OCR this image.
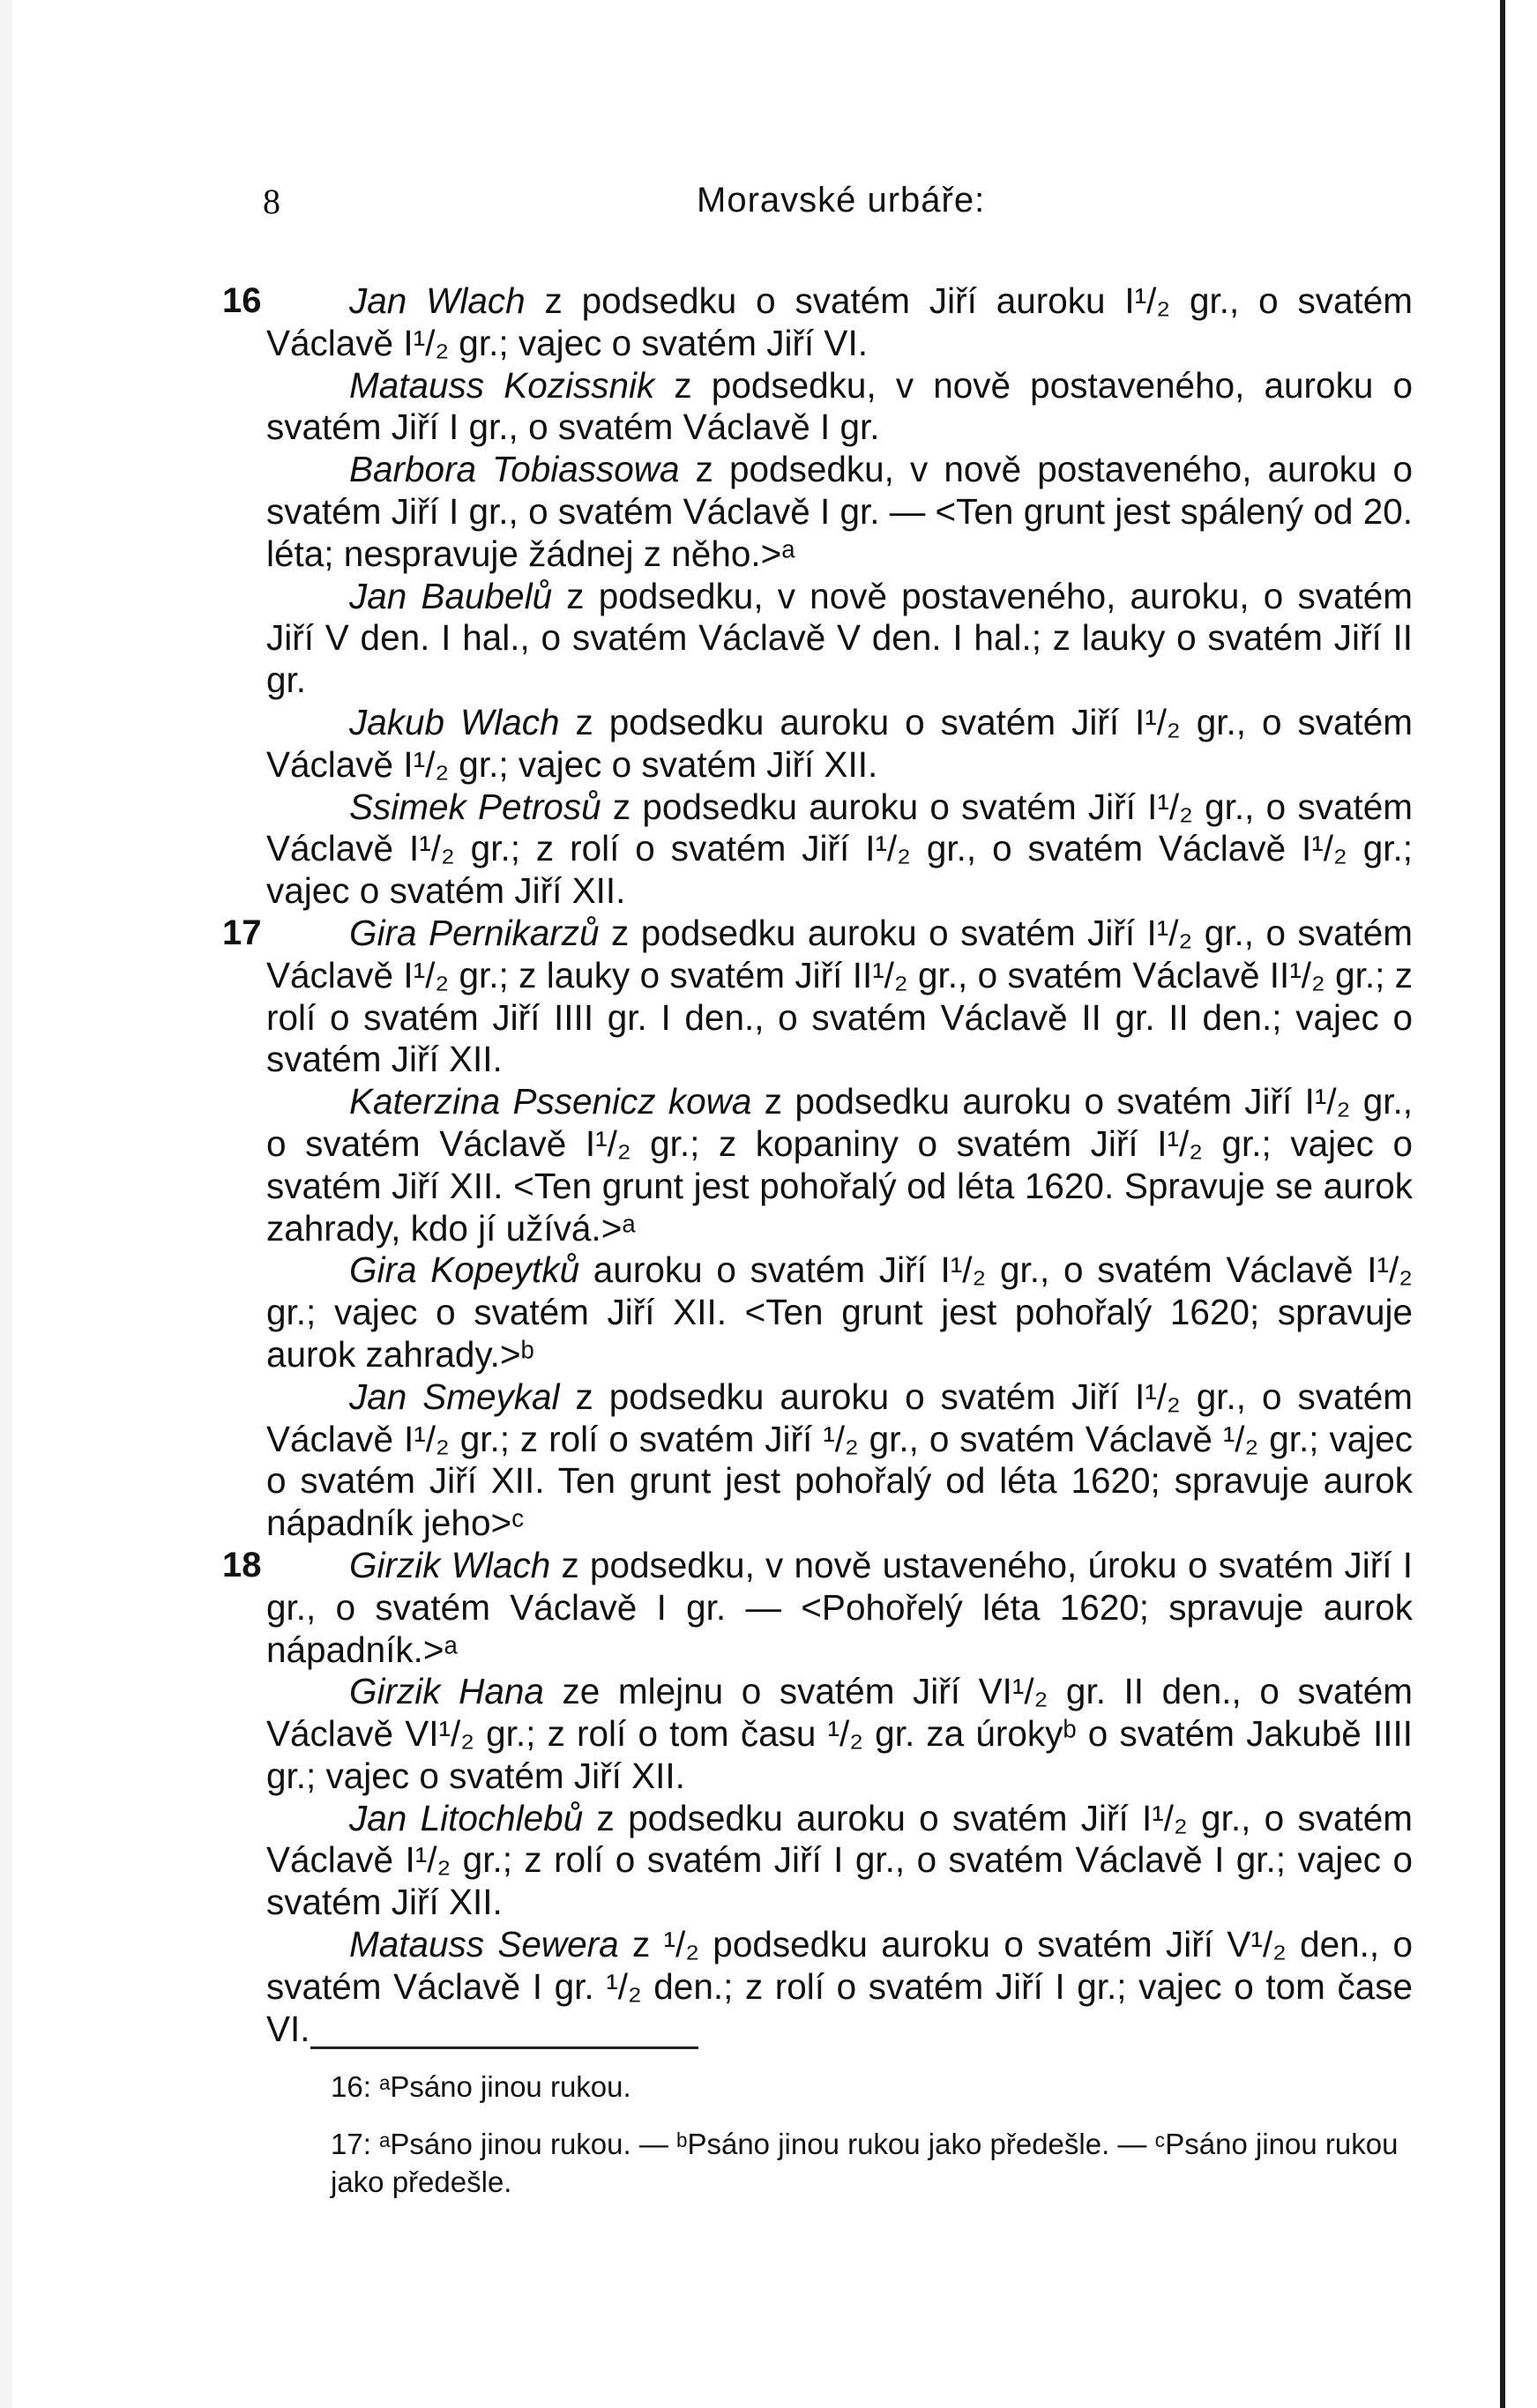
8	Moravské urbáře:

16 Jan Wlach z podsedku o svatém Jiří auroku I¹/₂ gr., o svatém Václavě I¹/₂ gr.; vajec o svatém Jiří VI.

Matauss Kozissnik z podsedku, v nově postaveného, auroku o svatém Jiří I gr., o svatém Václavě I gr.

Barbora Tobiassowa z podsedku, v nově postaveného, auroku o svatém Jiří I gr., o svatém Václavě I gr. — <Ten grunt jest spálený od 20. léta; nespravuje žádnej z něho.>ᵃ

Jan Baubelů z podsedku, v nově postaveného, auroku, o svatém Jiří V den. I hal., o svatém Václavě V den. I hal.; z lauky o svatém Jiří II gr.

Jakub Wlach z podsedku auroku o svatém Jiří I¹/₂ gr., o svatém Václavě I¹/₂ gr.; vajec o svatém Jiří XII.

Ssimek Petrosů z podsedku auroku o svatém Jiří I¹/₂ gr., o svatém Václavě I¹/₂ gr.; z rolí o svatém Jiří I¹/₂ gr., o svatém Václavě I¹/₂ gr.; vajec o svatém Jiří XII.

17 Gira Pernikarzů z podsedku auroku o svatém Jiří I¹/₂ gr., o svatém Václavě I¹/₂ gr.; z lauky o svatém Jiří II¹/₂ gr., o svatém Václavě II¹/₂ gr.; z rolí o svatém Jiří IIII gr. I den., o svatém Václavě II gr. II den.; vajec o svatém Jiří XII.

Katerzina Pssenicz kowa z podsedku auroku o svatém Jiří I¹/₂ gr., o svatém Václavě I¹/₂ gr.; z kopaniny o svatém Jiří I¹/₂ gr.; vajec o svatém Jiří XII. <Ten grunt jest pohořalý od léta 1620. Spravuje se aurok zahrady, kdo jí užívá.>ᵃ

Gira Kopeytků auroku o svatém Jiří I¹/₂ gr., o svatém Václavě I¹/₂ gr.; vajec o svatém Jiří XII. <Ten grunt jest pohořalý 1620; spravuje aurok zahrady.>ᵇ

Jan Smeykal z podsedku auroku o svatém Jiří I¹/₂ gr., o svatém Václavě I¹/₂ gr.; z rolí o svatém Jiří ¹/₂ gr., o svatém Václavě ¹/₂ gr.; vajec o svatém Jiří XII. Ten grunt jest pohořalý od léta 1620; spravuje aurok nápadník jeho>ᶜ

18 Girzik Wlach z podsedku, v nově ustaveného, úroku o svatém Jiří I gr., o svatém Václavě I gr. — <Pohořelý léta 1620; spravuje aurok nápadník.>ᵃ

Girzik Hana ze mlejnu o svatém Jiří VI¹/₂ gr. II den., o svatém Václavě VI¹/₂ gr.; z rolí o tom času ¹/₂ gr. za úrokyᵇ o svatém Jakubě IIII gr.; vajec o svatém Jiří XII.

Jan Litochlebů z podsedku auroku o svatém Jiří I¹/₂ gr., o svatém Václavě I¹/₂ gr.; z rolí o svatém Jiří I gr., o svatém Václavě I gr.; vajec o svatém Jiří XII.

Matauss Sewera z ¹/₂ podsedku auroku o svatém Jiří V¹/₂ den., o svatém Václavě I gr. ¹/₂ den.; z rolí o svatém Jiří I gr.; vajec o tom čase VI.

16: ᵃPsáno jinou rukou.
17: ᵃPsáno jinou rukou. — ᵇPsáno jinou rukou jako předešle. — ᶜPsáno jinou rukou jako předešle.
